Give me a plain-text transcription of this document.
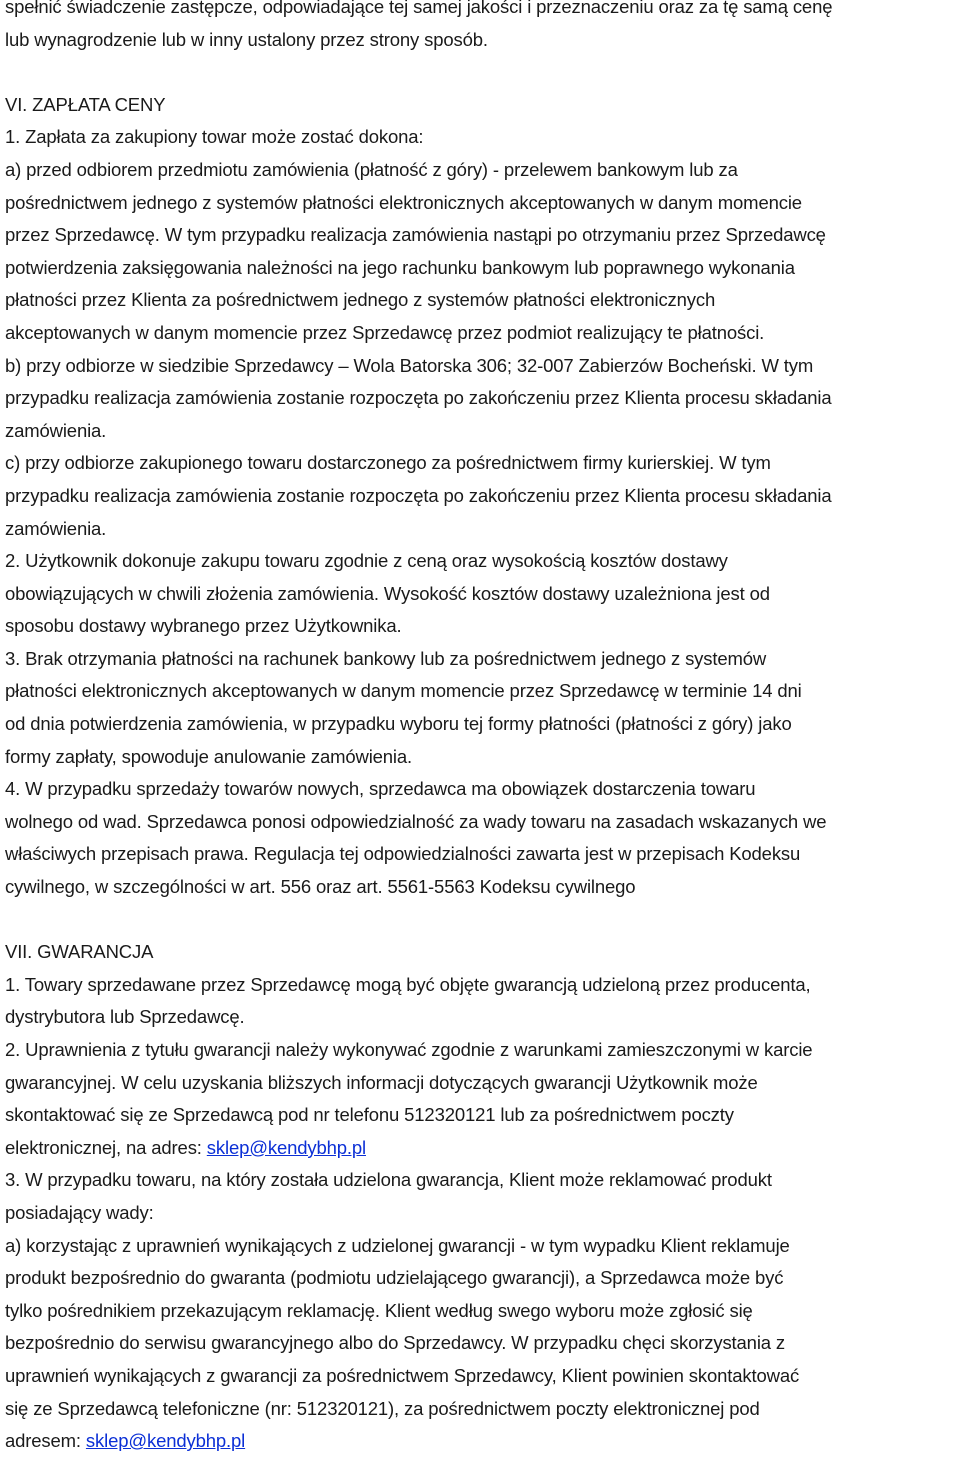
spełnić świadczenie zastępcze, odpowiadające tej samej jakości i przeznaczeniu oraz za tę samą cenę
lub wynagrodzenie lub w inny ustalony przez strony sposób.
VI. ZAPŁATA CENY
1. Zapłata za zakupiony towar może zostać dokona:
a) przed odbiorem przedmiotu zamówienia (płatność z góry) - przelewem bankowym lub za
pośrednictwem jednego z systemów płatności elektronicznych akceptowanych w danym momencie
przez Sprzedawcę. W tym przypadku realizacja zamówienia nastąpi po otrzymaniu przez Sprzedawcę
potwierdzenia zaksięgowania należności na jego rachunku bankowym lub poprawnego wykonania
płatności przez Klienta za pośrednictwem jednego z systemów płatności elektronicznych
akceptowanych w danym momencie przez Sprzedawcę przez podmiot realizujący te płatności.
b) przy odbiorze w siedzibie Sprzedawcy – Wola Batorska 306; 32-007 Zabierzów Bocheński. W tym
przypadku realizacja zamówienia zostanie rozpoczęta po zakończeniu przez Klienta procesu składania
zamówienia.
c) przy odbiorze zakupionego towaru dostarczonego za pośrednictwem firmy kurierskiej. W tym
przypadku realizacja zamówienia zostanie rozpoczęta po zakończeniu przez Klienta procesu składania
zamówienia.
2. Użytkownik dokonuje zakupu towaru zgodnie z ceną oraz wysokością kosztów dostawy
obowiązujących w chwili złożenia zamówienia. Wysokość kosztów dostawy uzależniona jest od
sposobu dostawy wybranego przez Użytkownika.
3. Brak otrzymania płatności na rachunek bankowy lub za pośrednictwem jednego z systemów
płatności elektronicznych akceptowanych w danym momencie przez Sprzedawcę w terminie 14 dni
od dnia potwierdzenia zamówienia, w przypadku wyboru tej formy płatności (płatności z góry) jako
formy zapłaty, spowoduje anulowanie zamówienia.
4. W przypadku sprzedaży towarów nowych, sprzedawca ma obowiązek dostarczenia towaru
wolnego od wad. Sprzedawca ponosi odpowiedzialność za wady towaru na zasadach wskazanych we
właściwych przepisach prawa. Regulacja tej odpowiedzialności zawarta jest w przepisach Kodeksu
cywilnego, w szczególności w art. 556 oraz art. 5561-5563 Kodeksu cywilnego
VII. GWARANCJA
1. Towary sprzedawane przez Sprzedawcę mogą być objęte gwarancją udzieloną przez producenta,
dystrybutora lub Sprzedawcę.
2. Uprawnienia z tytułu gwarancji należy wykonywać zgodnie z warunkami zamieszczonymi w karcie
gwarancyjnej. W celu uzyskania bliższych informacji dotyczących gwarancji Użytkownik może
skontaktować się ze Sprzedawcą pod nr telefonu 512320121 lub za pośrednictwem poczty
elektronicznej, na adres: sklep@kendybhp.pl
3. W przypadku towaru, na który została udzielona gwarancja, Klient może reklamować produkt
posiadający wady:
a) korzystając z uprawnień wynikających z udzielonej gwarancji - w tym wypadku Klient reklamuje
produkt bezpośrednio do gwaranta (podmiotu udzielającego gwarancji), a Sprzedawca może być
tylko pośrednikiem przekazującym reklamację. Klient według swego wyboru może zgłosić się
bezpośrednio do serwisu gwarancyjnego albo do Sprzedawcy. W przypadku chęci skorzystania z
uprawnień wynikających z gwarancji za pośrednictwem Sprzedawcy, Klient powinien skontaktować
się ze Sprzedawcą telefoniczne (nr: 512320121), za pośrednictwem poczty elektronicznej pod
adresem: sklep@kendybhp.pl
